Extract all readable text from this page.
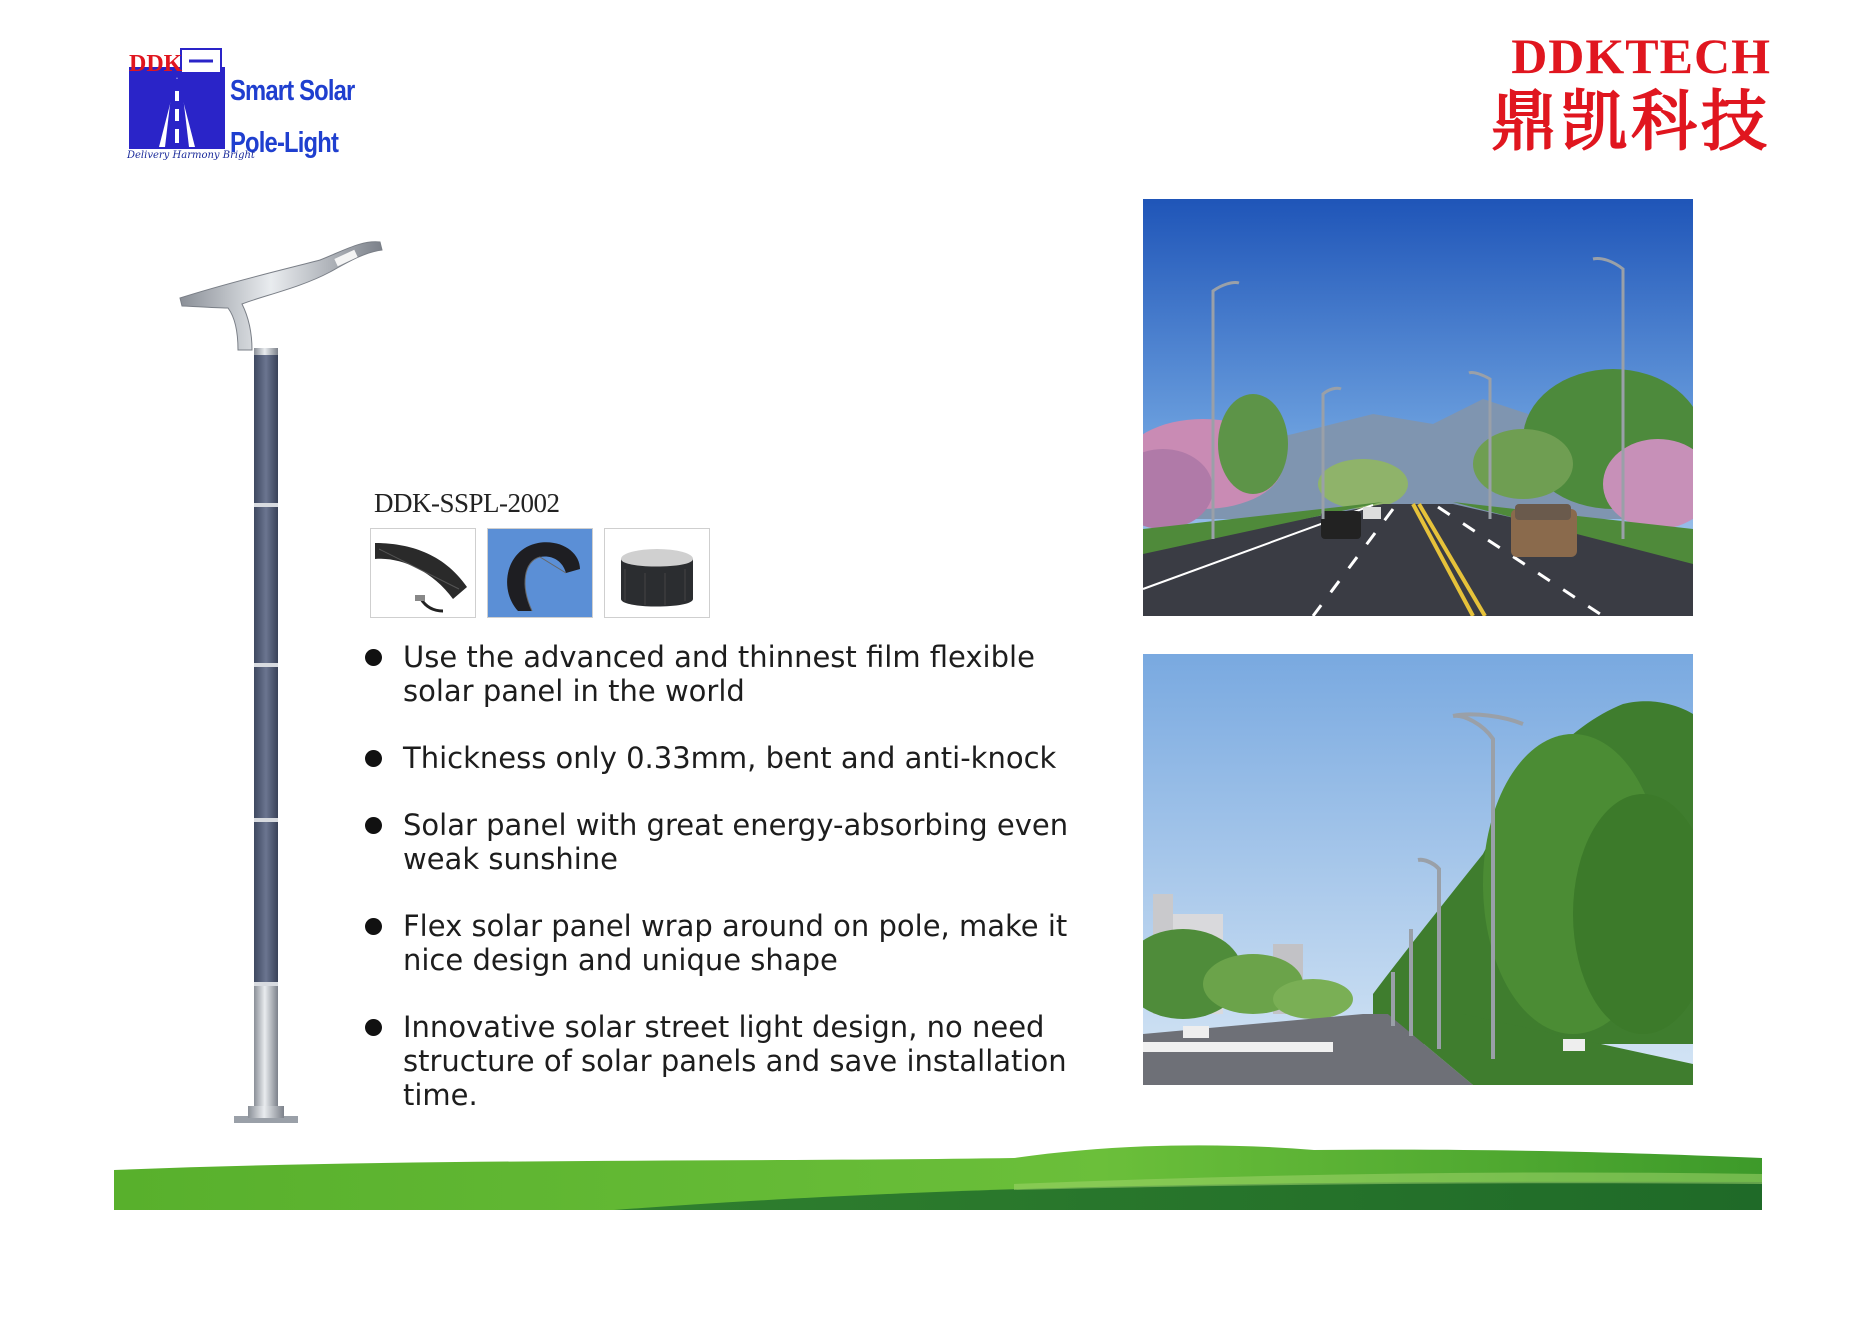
DDK
Smart Solar
Pole-Light
Delivery Harmony Bright
DDKTECH
鼎凯科技
DDK-SSPL-2002
Use the advanced and thinnest film flexible solar panel in the world
Thickness only 0.33mm, bent and anti-knock
Solar panel with great energy-absorbing even weak sunshine
Flex solar panel wrap around on pole, make it nice design and unique shape
Innovative solar street light design, no need structure of solar panels and save installation time.
